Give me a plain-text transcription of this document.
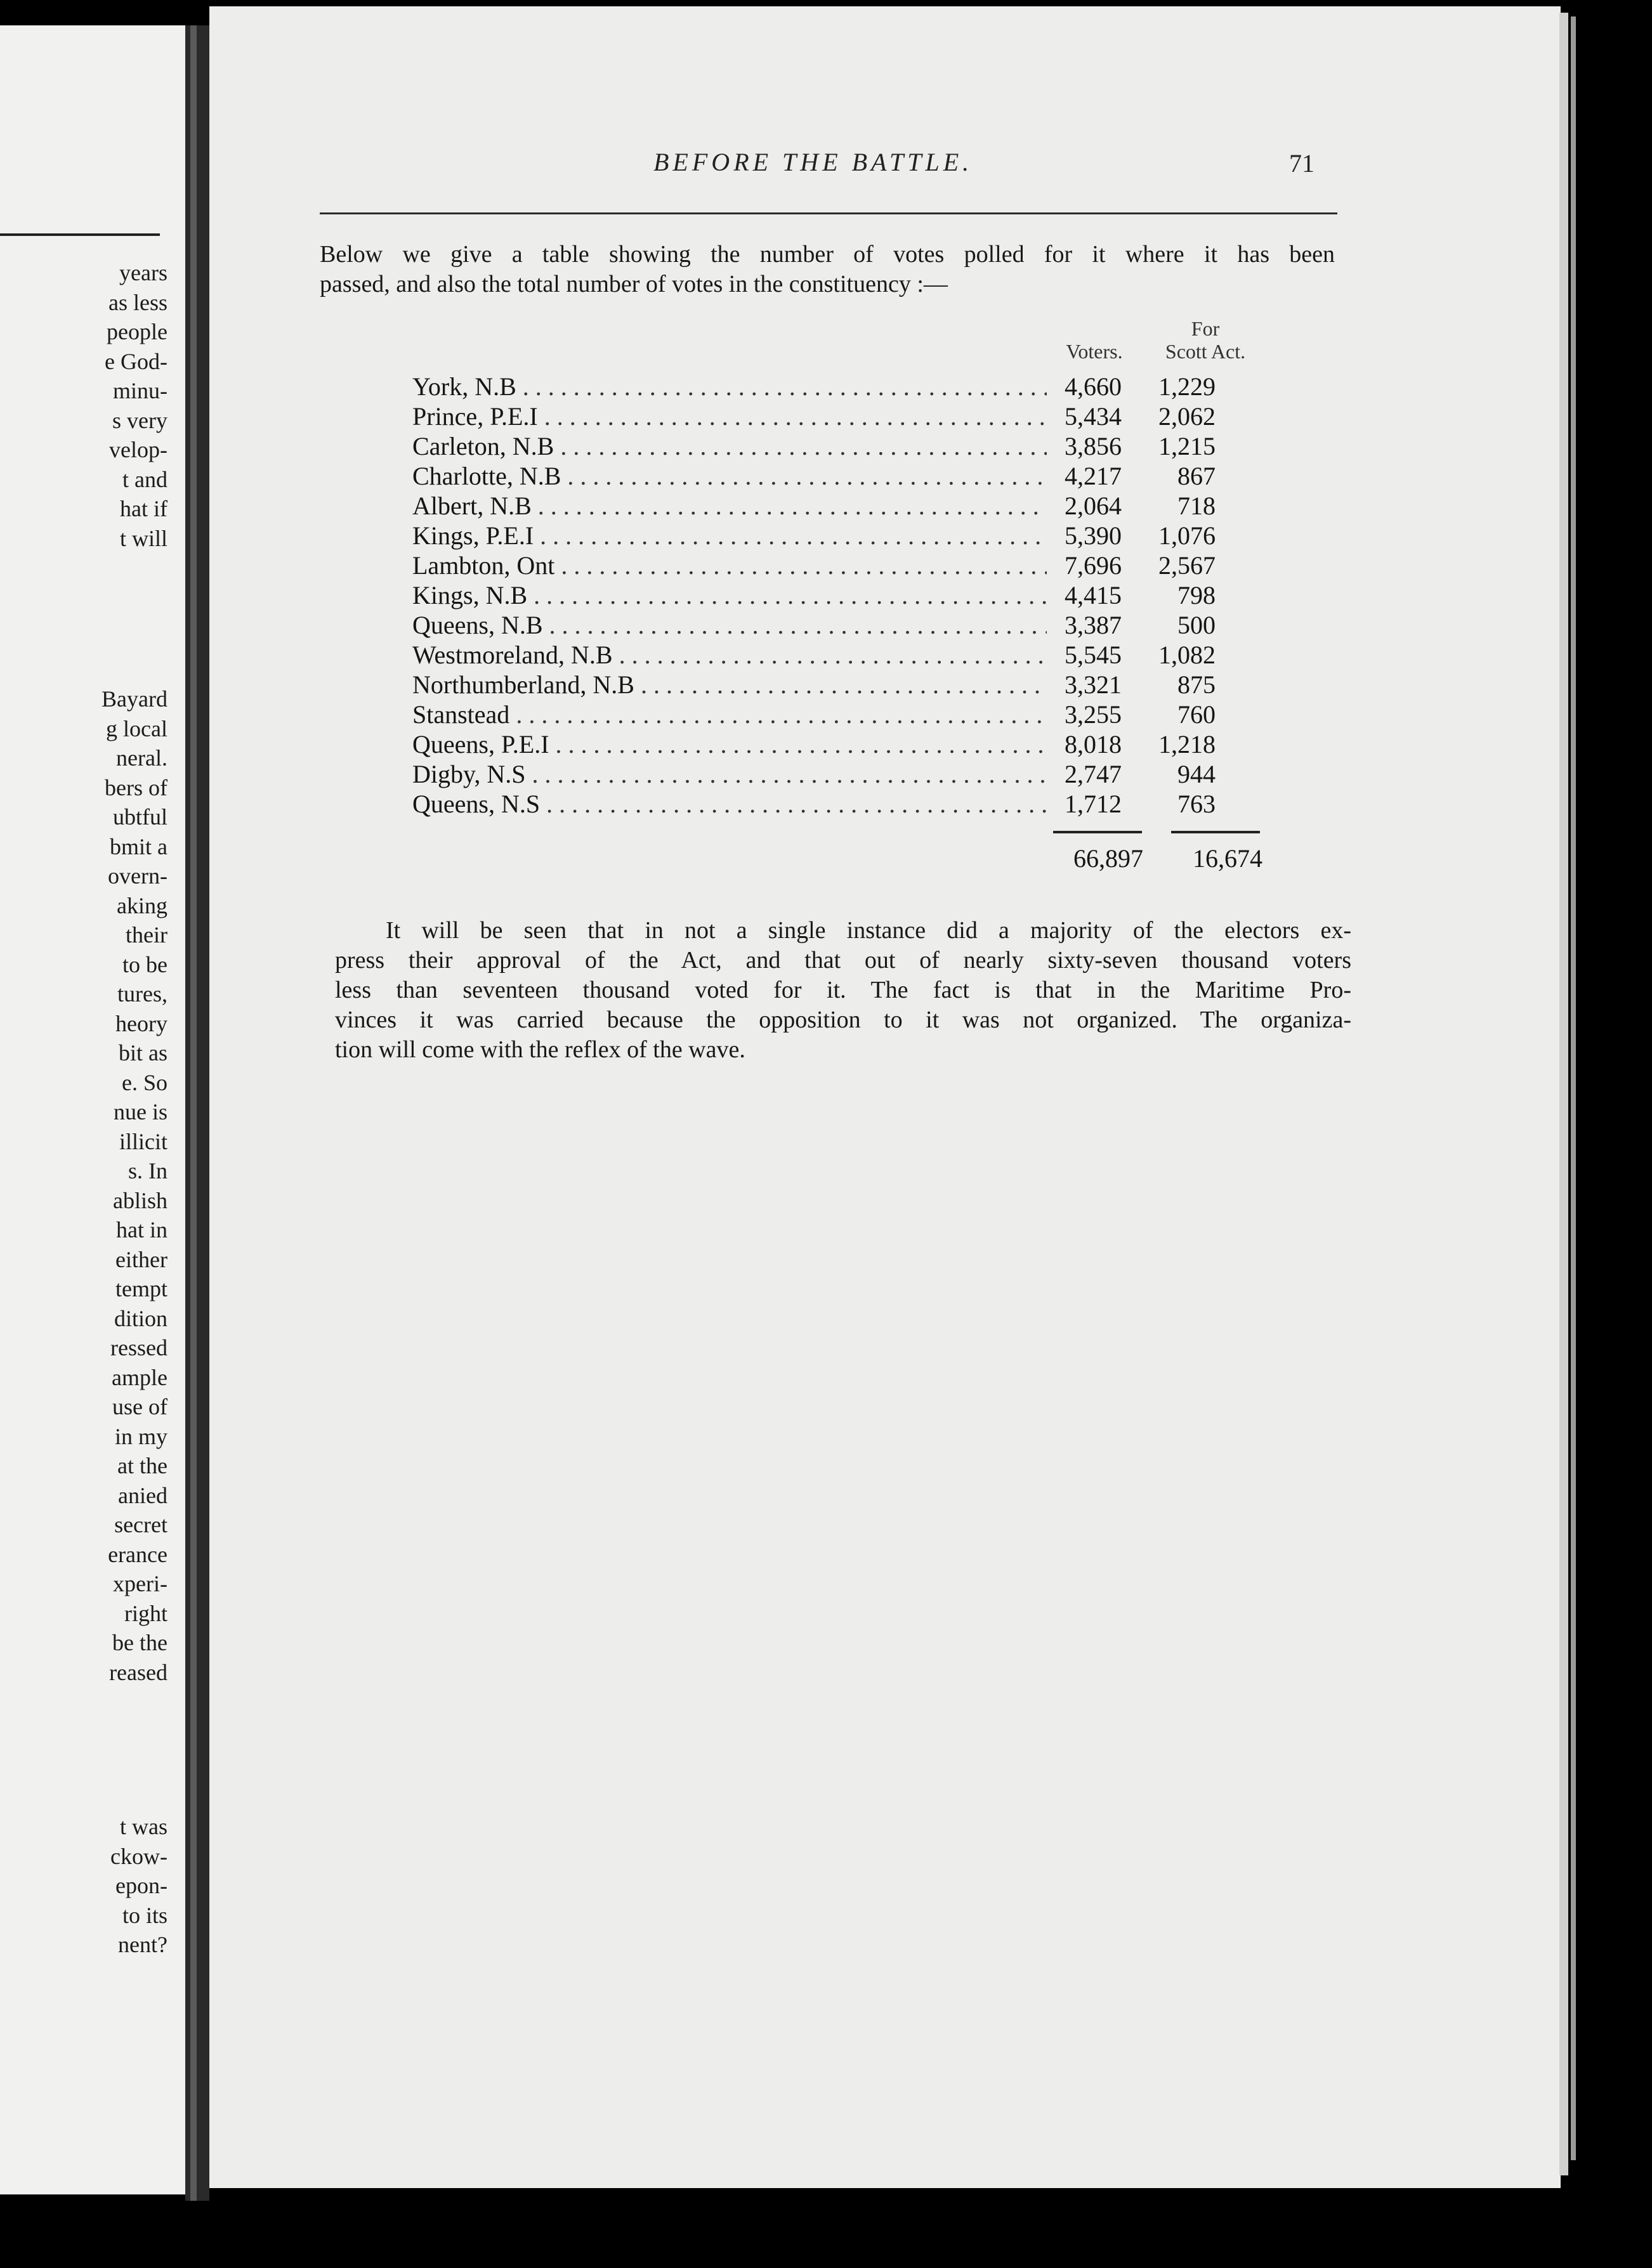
years
as less
people
e God-
minu-
s very
velop-
t and
hat if
t will
Bayard
g local
neral.
bers of
ubtful
bmit a
overn-
aking
their
to be
tures,
heory
bit as
e. So
nue is
illicit
s. In
ablish
hat in
either
tempt
dition
ressed
ample
use of
in my
at the
anied
secret
erance
xperi-
right
be the
reased
t was
ckow-
epon-
to its
nent?
BEFORE THE BATTLE.	71
Below we give a table showing the number of votes polled for it where it has been
passed, and also the total number of votes in the constituency :—
For
Voters.	Scott Act.
York, N.B . . .	4,660	1,229
Prince, P.E.I . . .	5,434	2,062
Carleton, N.B . . .	3,856	1,215
Charlotte, N.B . . .	4,217	867
Albert, N.B . . .	2,064	718
Kings, P.E.I . . .	5,390	1,076
Lambton, Ont . . .	7,696	2,567
Kings, N.B . . .	4,415	798
Queens, N.B . . .	3,387	500
Westmoreland, N.B . . .	5,545	1,082
Northumberland, N.B . . .	3,321	875
Stanstead . . .	3,255	760
Queens, P.E.I . . .	8,018	1,218
Digby, N.S . . .	2,747	944
Queens, N.S . . .	1,712	763
66,897	16,674
It will be seen that in not a single instance did a majority of the electors ex-
press their approval of the Act, and that out of nearly sixty-seven thousand voters
less than seventeen thousand voted for it. The fact is that in the Maritime Pro-
vinces it was carried because the opposition to it was not organized. The organiza-
tion will come with the reflex of the wave.
